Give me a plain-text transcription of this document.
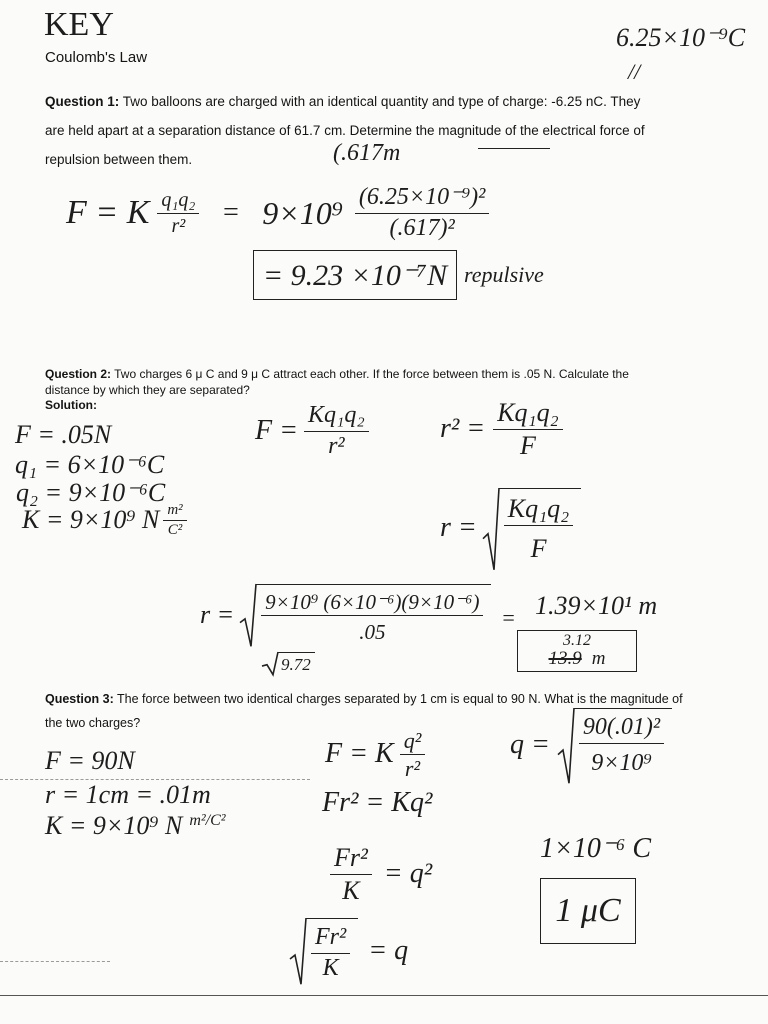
KEY
Coulomb's Law
6.25×10⁻⁹C
//
Question 1: Two balloons are charged with an identical quantity and type of charge: -6.25 nC. They
are held apart at a separation distance of 61.7 cm. Determine the magnitude of the electrical force of
repulsion between them.	(.617m
F = K $\frac{\text{q₁q₂}}{\text{r²}} = 9\times 10^9 \frac{\text{(6.25×10⁻⁹)²}}{\text{(.617)²}}$
= 9.23 ×10⁻⁷N repulsive
Question 2: Two charges 6 μ C and 9 μ C attract each other. If the force between them is .05 N. Calculate the
distance by which they are separated?
Solution:
F = .05N
q₁ = 6×10⁻⁶C
q₂ = 9×10⁻⁶C
K = 9×10⁹ N $\frac{\text{m²}}{\text{C²}}$
$F = \frac{\text{Kq₁q₂}}{\text{r²}}$	$r^2 = \frac{\text{Kq₁q₂}}{F}$
$r = \frac{\text{Kq₁q₂}}{F}$
$r = \frac{\text{9×10⁹ (6×10⁻⁶)(9×10⁻⁶)}}{.05} = 1.39\times 10^1$ m
3.12
13.9 m
9.72
Question 3: The force between two identical charges separated by 1 cm is equal to 90 N. What is the magnitude of
the two charges?
F = 90N
r = 1cm = .01m
K = 9×10⁹ N m²/C²
F = K $\frac{\text{q²}}{\text{r²}}$
Fr² = Kq²
$\frac{\text{Fr²}}{K} = q^2$
$\frac{\text{Fr²}}{K} = q$
$q = \frac{\text{90(.01)²}}{\text{9×10⁹}}$
1×10⁻⁶ C
1 μC
